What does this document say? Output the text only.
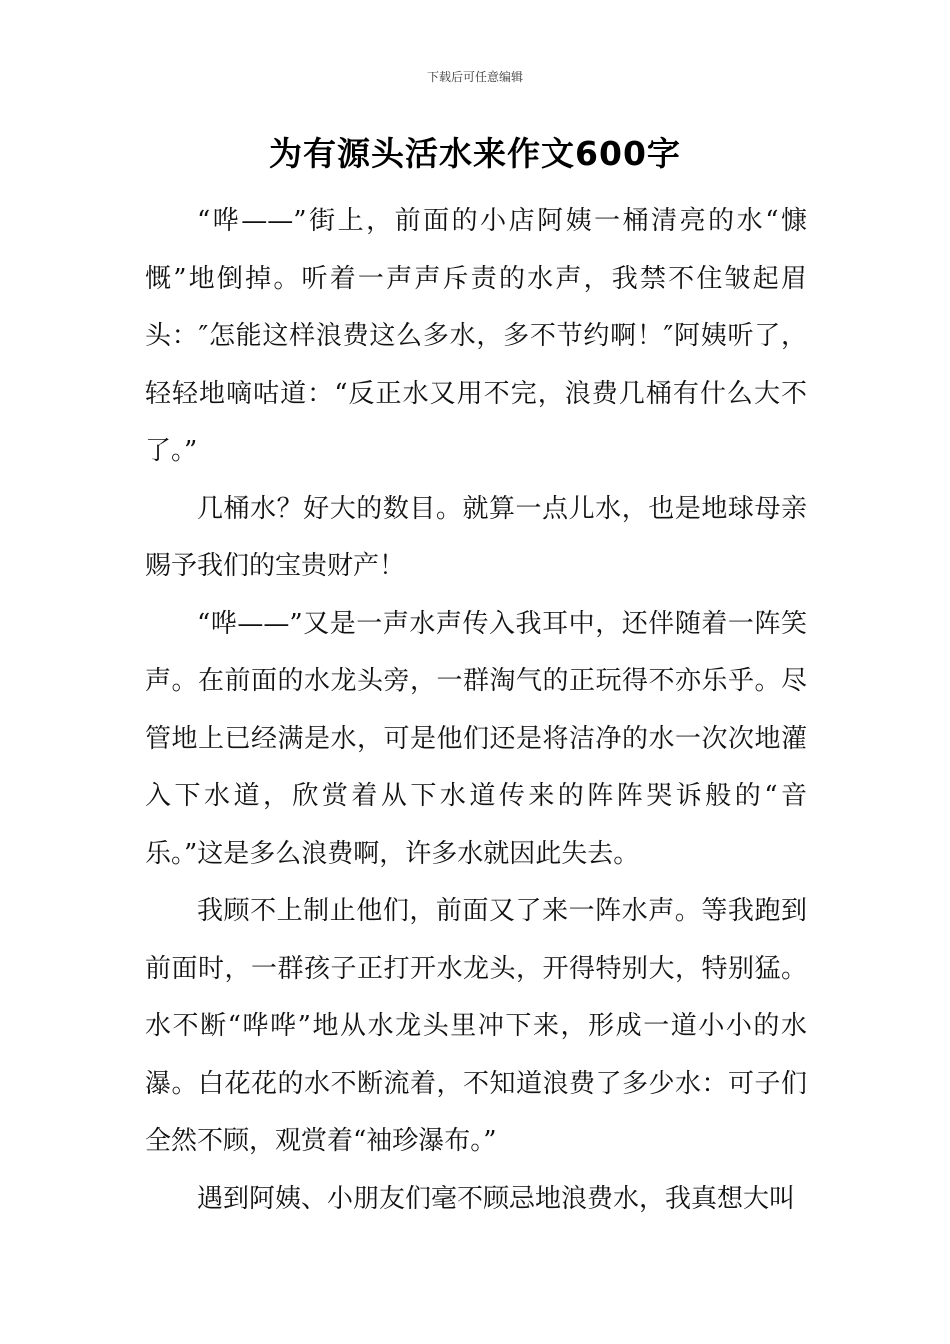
下载后可任意编辑
为有源头活水来作文600字

“哗——”街上，前面的小店阿姨一桶清亮的水“慷慨”地倒掉。听着一声声斥责的水声，我禁不住皱起眉头：″怎能这样浪费这么多水，多不节约啊！″阿姨听了，轻轻地嘀咕道：“反正水又用不完，浪费几桶有什么大不了。”

几桶水？好大的数目。就算一点儿水，也是地球母亲赐予我们的宝贵财产！

“哗——”又是一声水声传入我耳中，还伴随着一阵笑声。在前面的水龙头旁，一群淘气的正玩得不亦乐乎。尽管地上已经满是水，可是他们还是将洁净的水一次次地灌入下水道，欣赏着从下水道传来的阵阵哭诉般的“音乐。”这是多么浪费啊，许多水就因此失去。

我顾不上制止他们，前面又了来一阵水声。等我跑到前面时，一群孩子正打开水龙头，开得特别大，特别猛。水不断“哗哗”地从水龙头里冲下来，形成一道小小的水瀑。白花花的水不断流着，不知道浪费了多少水：可子们全然不顾，观赏着“袖珍瀑布。”

遇到阿姨、小朋友们毫不顾忌地浪费水，我真想大叫
